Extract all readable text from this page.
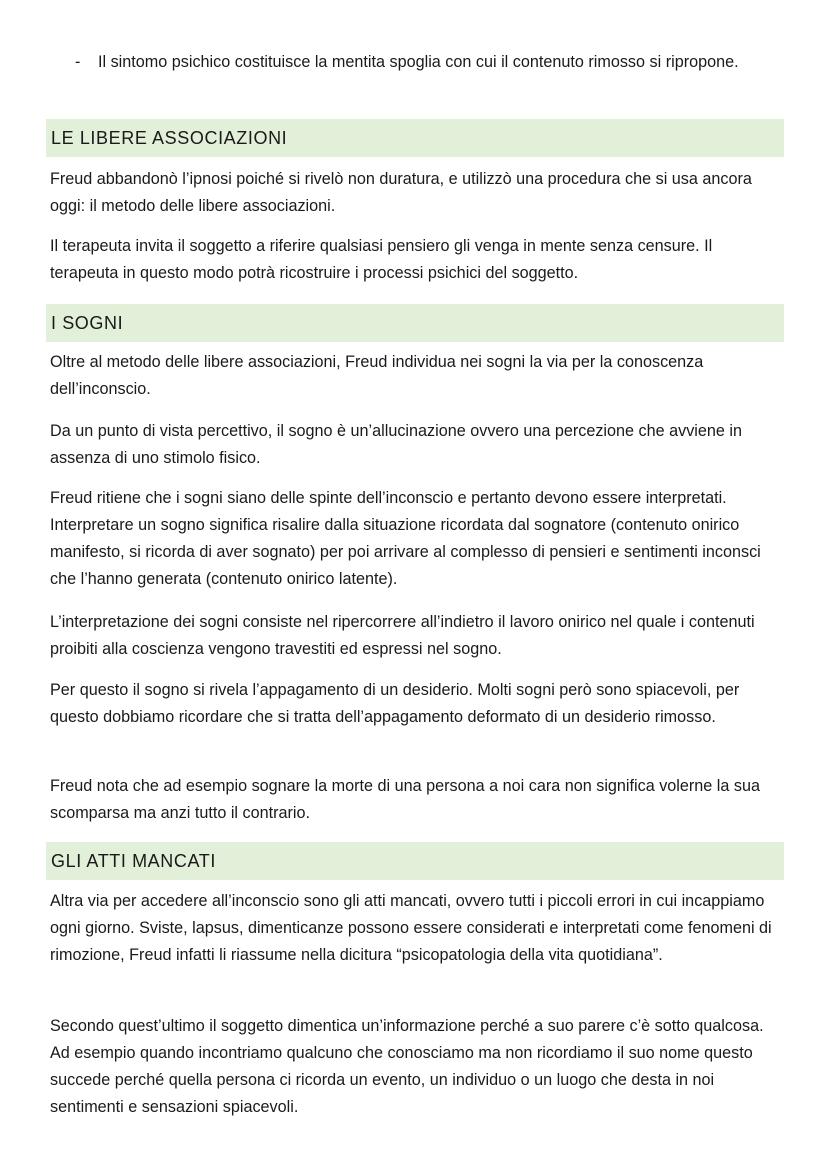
-	Il sintomo psichico costituisce la mentita spoglia con cui il contenuto rimosso si ripropone.
LE LIBERE ASSOCIAZIONI

Freud abbandonò l’ipnosi poiché si rivelò non duratura, e utilizzò una procedura che si usa ancora oggi: il metodo delle libere associazioni.

Il terapeuta invita il soggetto a riferire qualsiasi pensiero gli venga in mente senza censure. Il terapeuta in questo modo potrà ricostruire i processi psichici del soggetto.

I SOGNI

Oltre al metodo delle libere associazioni, Freud individua nei sogni la via per la conoscenza dell’inconscio.

Da un punto di vista percettivo, il sogno è un’allucinazione ovvero una percezione che avviene in assenza di uno stimolo fisico.

Freud ritiene che i sogni siano delle spinte dell’inconscio e pertanto devono essere interpretati. Interpretare un sogno significa risalire dalla situazione ricordata dal sognatore (contenuto onirico manifesto, si ricorda di aver sognato) per poi arrivare al complesso di pensieri e sentimenti inconsci che l’hanno generata (contenuto onirico latente).

L’interpretazione dei sogni consiste nel ripercorrere all’indietro il lavoro onirico nel quale i contenuti proibiti alla coscienza vengono travestiti ed espressi nel sogno.

Per questo il sogno si rivela l’appagamento di un desiderio. Molti sogni però sono spiacevoli, per questo dobbiamo ricordare che si tratta dell’appagamento deformato di un desiderio rimosso.

Freud nota che ad esempio sognare la morte di una persona a noi cara non significa volerne la sua scomparsa ma anzi tutto il contrario.

GLI ATTI MANCATI

Altra via per accedere all’inconscio sono gli atti mancati, ovvero tutti i piccoli errori in cui incappiamo ogni giorno. Sviste, lapsus, dimenticanze possono essere considerati e interpretati come fenomeni di rimozione, Freud infatti li riassume nella dicitura “psicopatologia della vita quotidiana”.

Secondo quest’ultimo il soggetto dimentica un’informazione perché a suo parere c’è sotto qualcosa. Ad esempio quando incontriamo qualcuno che conosciamo ma non ricordiamo il suo nome questo succede perché quella persona ci ricorda un evento, un individuo o un luogo che desta in noi sentimenti e sensazioni spiacevoli.
